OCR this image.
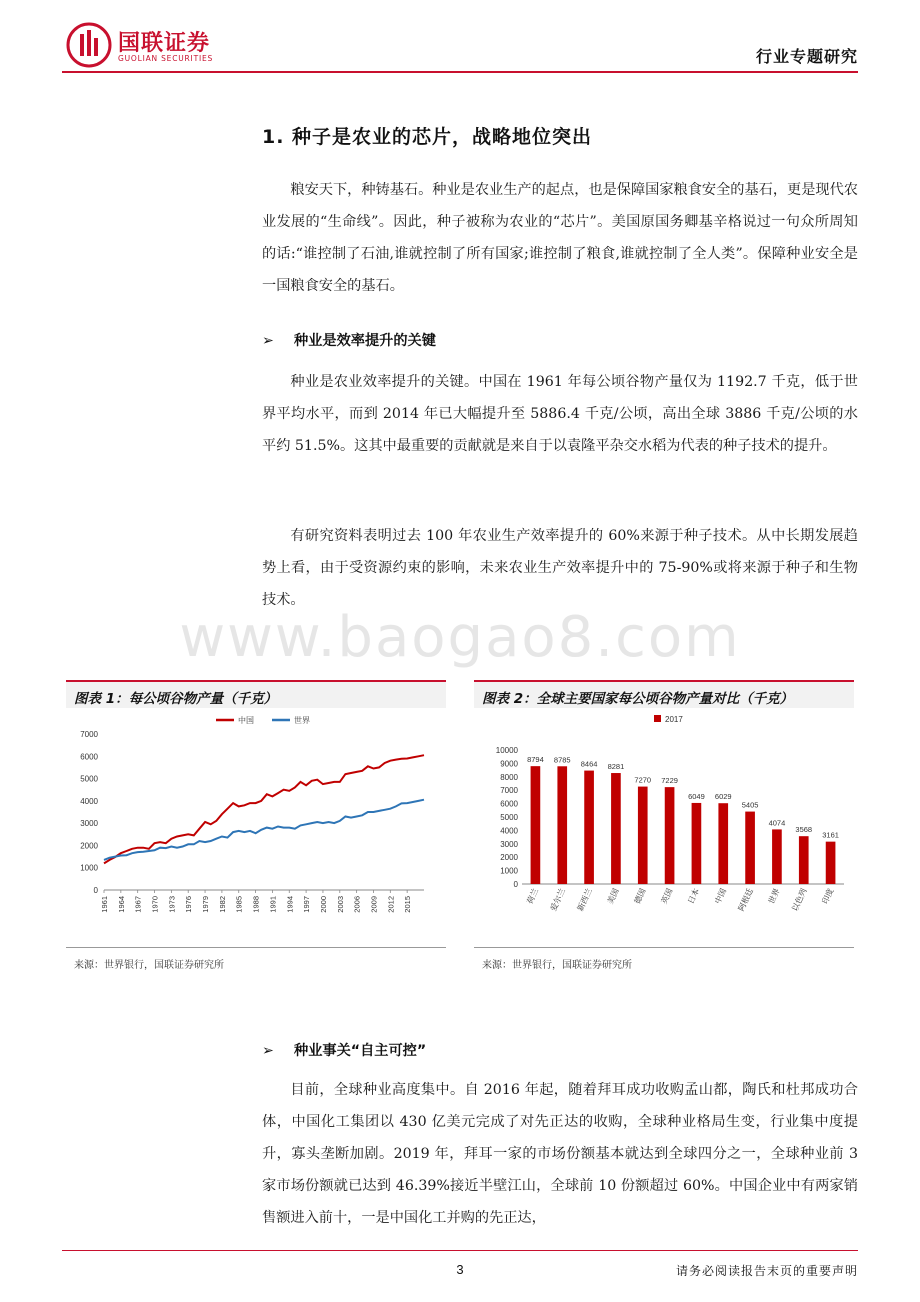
国联证券
GUOLIAN SECURITIES	行业专题研究
1. 种子是农业的芯片，战略地位突出

粮安天下，种铸基石。种业是农业生产的起点，也是保障国家粮食安全的基石，更是现代农业发展的“生命线”。因此，种子被称为农业的“芯片”。美国原国务卿基辛格说过一句众所周知的话:“谁控制了石油,谁就控制了所有国家;谁控制了粮食,谁就控制了全人类”。保障种业安全是一国粮食安全的基石。

➢ 种业是效率提升的关键

种业是农业效率提升的关键。中国在 1961 年每公顷谷物产量仅为 1192.7 千克，低于世界平均水平，而到 2014 年已大幅提升至 5886.4 千克/公顷，高出全球 3886 千克/公顷的水平约 51.5%。这其中最重要的贡献就是来自于以袁隆平杂交水稻为代表的种子技术的提升。

有研究资料表明过去 100 年农业生产效率提升的 60%来源于种子技术。从中长期发展趋势上看，由于受资源约束的影响，未来农业生产效率提升中的 75-90%或将来源于种子和生物技术。

www.baogao8.com
图表 1：每公顷谷物产量（千克）
0
1000
2000
3000
4000
5000
6000
7000
1961 1964 1967 1970 1973 1976 1979 1982 1985 1988 1991 1994 1997 2000 2003 2006 2009 2012 2015
中国	世界
来源：世界银行，国联证券研究所
图表 2：全球主要国家每公顷谷物产量对比（千克）
2017
0
1000
2000
3000
4000
5000
6000
7000
8000
9000
10000
8794
荷兰
8785
爱尔兰
8464
新西兰
8281
美国
7270
德国
7229
英国
6049
日本
6029
中国
5405
阿根廷
4074
世界
3568
以色列
3161
印度
来源：世界银行，国联证券研究所
➢ 种业事关“自主可控”

目前，全球种业高度集中。自 2016 年起，随着拜耳成功收购孟山都，陶氏和杜邦成功合体，中国化工集团以 430 亿美元完成了对先正达的收购，全球种业格局生变，行业集中度提升，寡头垄断加剧。2019 年，拜耳一家的市场份额基本就达到全球四分之一，全球种业前 3 家市场份额就已达到 46.39%接近半壁江山，全球前 10 份额超过 60%。中国企业中有两家销售额进入前十，一是中国化工并购的先正达，

3	请务必阅读报告末页的重要声明
